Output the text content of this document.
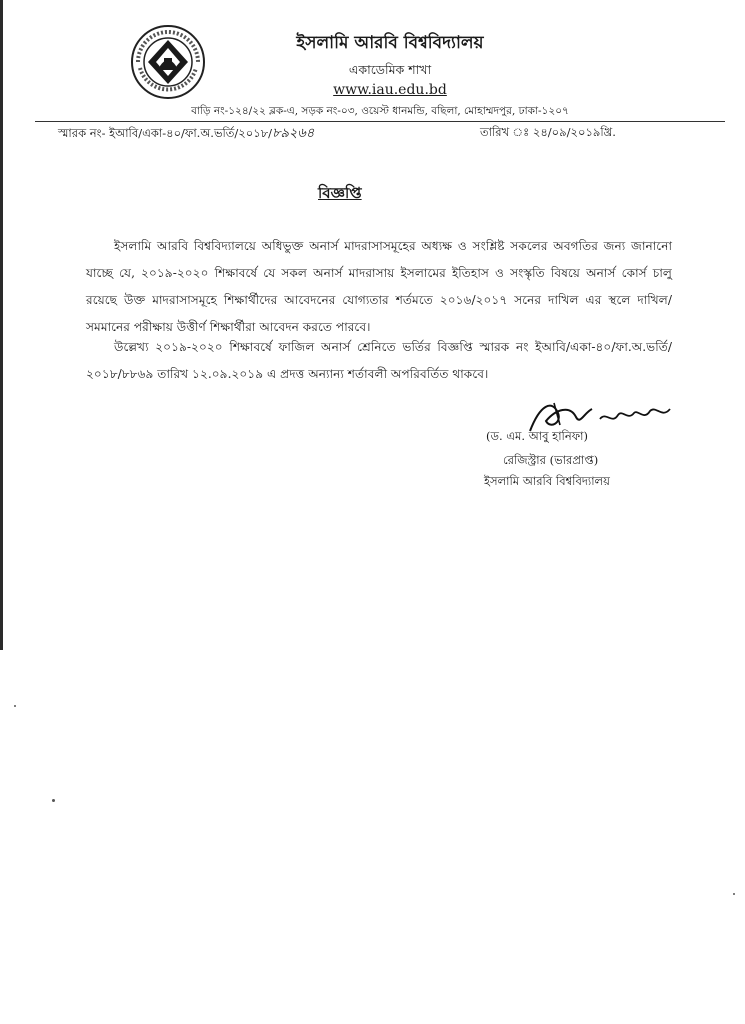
ইসলামি আরবি বিশ্ববিদ্যালয়
একাডেমিক শাখা
www.iau.edu.bd
বাড়ি নং-১২৪/২২ ব্লক-এ, সড়ক নং-০৩, ওয়েস্ট ধানমন্ডি, বছিলা, মোহাম্মদপুর, ঢাকা-১২০৭
স্মারক নং- ইআবি/একা-৪০/ফা.অ.ভর্তি/২০১৮/৮৯২৬৪	তারিখ ঃ ২৪/০৯/২০১৯খ্রি.
বিজ্ঞপ্তি
ইসলামি আরবি বিশ্ববিদ্যালয়ে অধিভুক্ত অনার্স মাদরাসাসমূহের অধ্যক্ষ ও সংশ্লিষ্ট সকলের অবগতির জন্য জানানো যাচ্ছে যে, ২০১৯-২০২০ শিক্ষাবর্ষে যে সকল অনার্স মাদরাসায় ইসলামের ইতিহাস ও সংস্কৃতি বিষয়ে অনার্স কোর্স চালু রয়েছে উক্ত মাদরাসাসমূহে শিক্ষার্থীদের আবেদনের যোগ্যতার শর্তমতে ২০১৬/২০১৭ সনের দাখিল এর স্থলে দাখিল/সমমানের পরীক্ষায় উত্তীর্ণ শিক্ষার্থীরা আবেদন করতে পারবে।
উল্লেখ্য ২০১৯-২০২০ শিক্ষাবর্ষে ফাজিল অনার্স শ্রেনিতে ভর্তির বিজ্ঞপ্তি স্মারক নং ইআবি/একা-৪০/ফা.অ.ভর্তি/২০১৮/৮৮৬৯ তারিখ ১২.০৯.২০১৯ এ প্রদত্ত অন্যান্য শর্তাবলী অপরিবর্তিত থাকবে।
(ড. এম. আবু হানিফা)
রেজিস্ট্রার (ভারপ্রাপ্ত)
ইসলামি আরবি বিশ্ববিদ্যালয়
